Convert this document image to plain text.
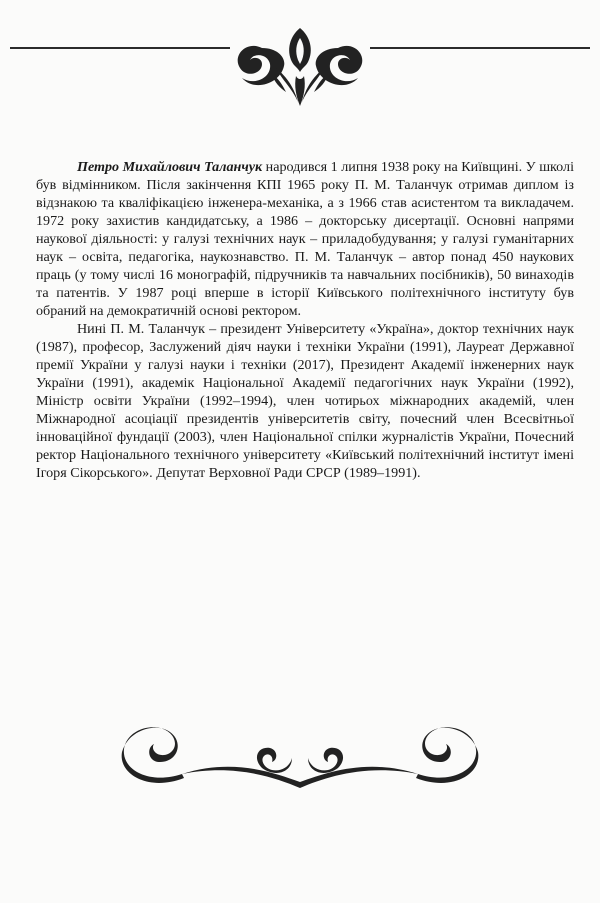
Петро Михайлович Таланчук народився 1 липня 1938 року на Київщині. У школі був відмінником. Після закінчення КПІ 1965 року П. М. Таланчук отримав диплом із відзнакою та кваліфікацією інженера-механіка, а з 1966 став асистентом та викладачем. 1972 року захистив кандидатську, а 1986 – докторську дисертації. Основні напрями наукової діяльності: у галузі технічних наук – приладобудування; у галузі гуманітарних наук – освіта, педагогіка, наукознавство. П. М. Таланчук – автор понад 450 наукових праць (у тому числі 16 монографій, підручників та навчальних посібників), 50 винаходів та патентів. У 1987 році вперше в історії Київського політехнічного інституту був обраний на демократичній основі ректором.

Нині П. М. Таланчук – президент Університету «Україна», доктор технічних наук (1987), професор, Заслужений діяч науки і техніки України (1991), Лауреат Державної премії України у галузі науки і техніки (2017), Президент Академії інженерних наук України (1991), академік Національної Академії педагогічних наук України (1992), Міністр освіти України (1992–1994), член чотирьох міжнародних академій, член Міжнародної асоціації президентів університетів світу, почесний член Всесвітньої інноваційної фундації (2003), член Національної спілки журналістів України, Почесний ректор Національного технічного університету «Київський політехнічний інститут імені Ігоря Сікорського». Депутат Верховної Ради СРСР (1989–1991).
